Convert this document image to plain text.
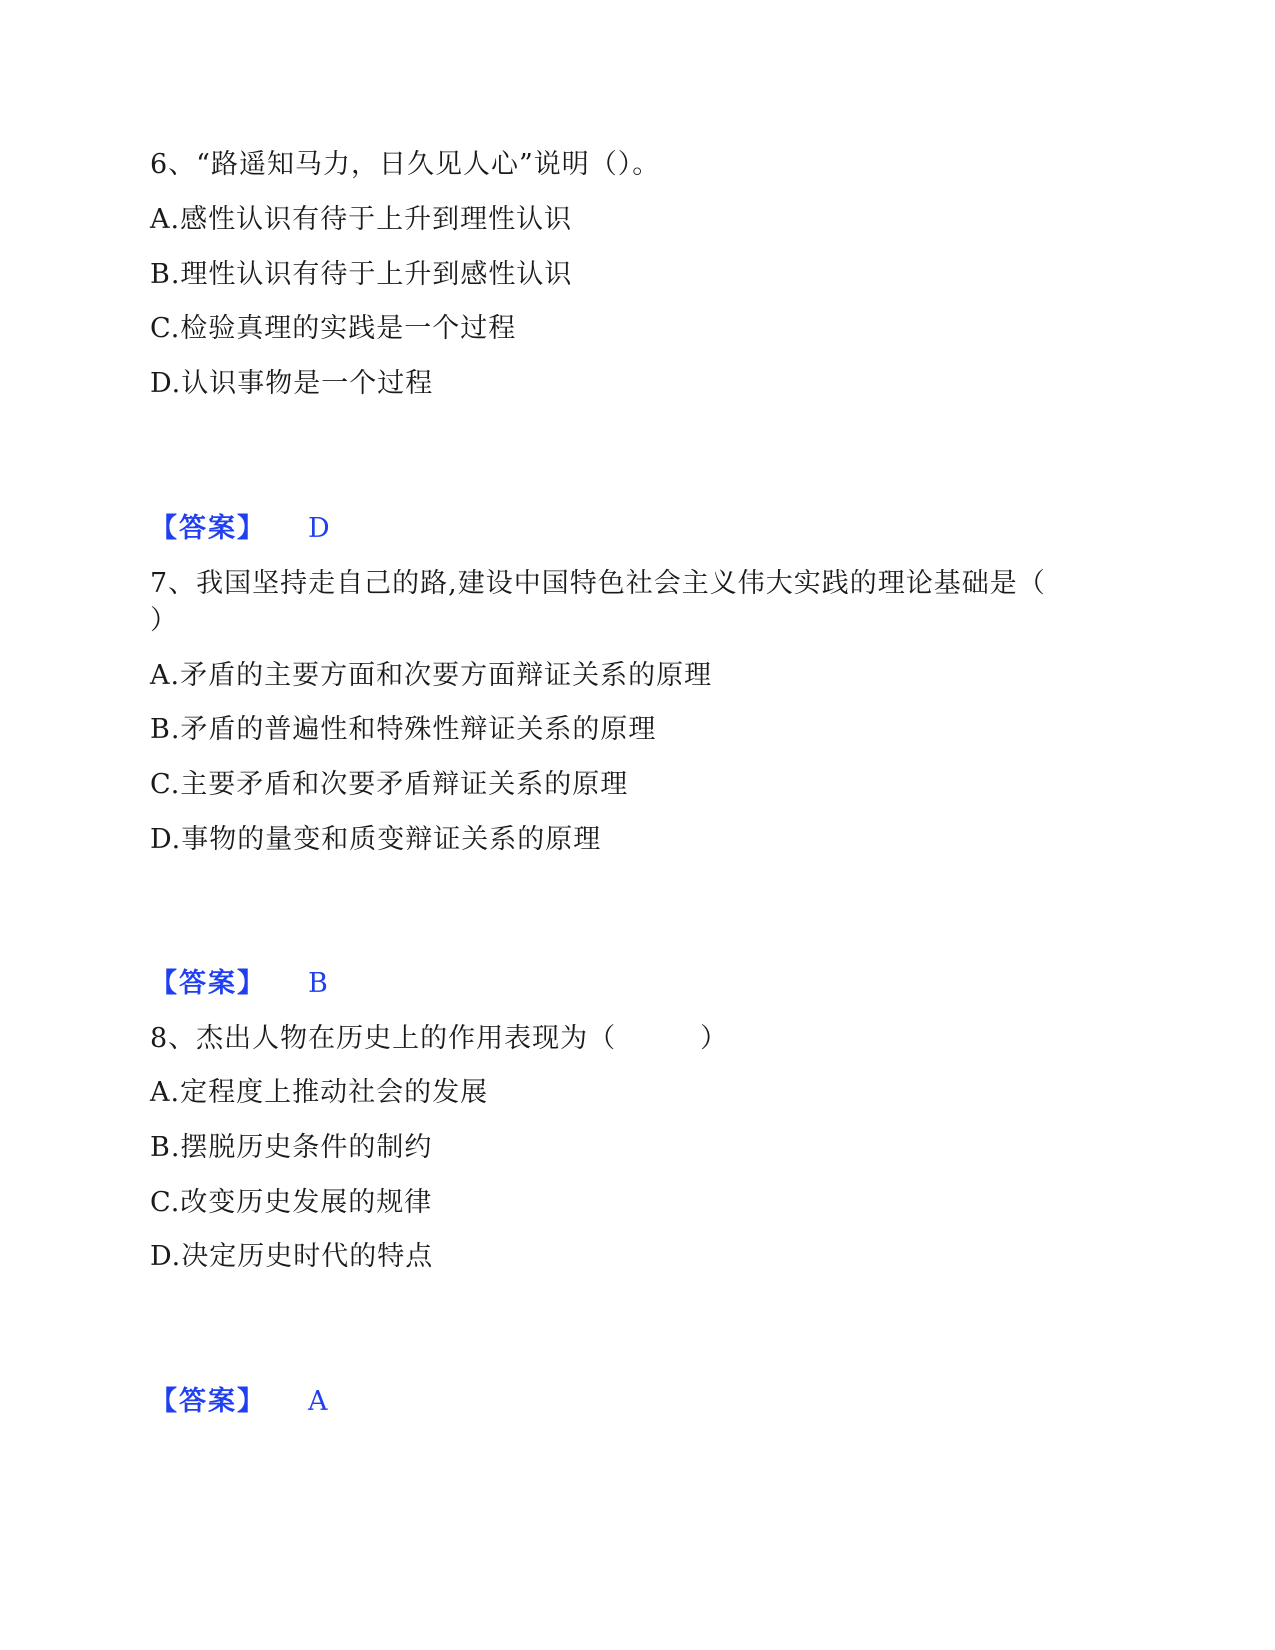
6、“路遥知马力，日久见人心”说明（）。
A.感性认识有待于上升到理性认识
B.理性认识有待于上升到感性认识
C.检验真理的实践是一个过程
D.认识事物是一个过程
【答案】 D
7、我国坚持走自己的路,建设中国特色社会主义伟大实践的理论基础是（
）
A.矛盾的主要方面和次要方面辩证关系的原理
B.矛盾的普遍性和特殊性辩证关系的原理
C.主要矛盾和次要矛盾辩证关系的原理
D.事物的量变和质变辩证关系的原理
【答案】 B
8、杰出人物在历史上的作用表现为（　　　）
A.定程度上推动社会的发展
B.摆脱历史条件的制约
C.改变历史发展的规律
D.决定历史时代的特点
【答案】 A
